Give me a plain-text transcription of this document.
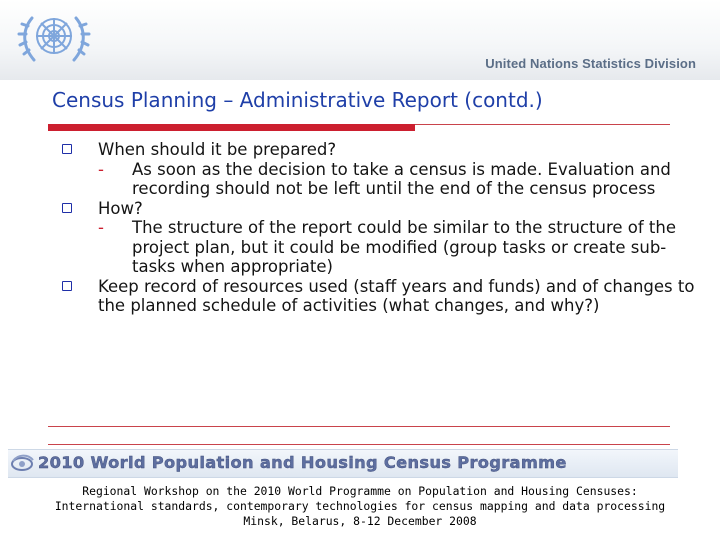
United Nations Statistics Division
Census Planning – Administrative Report (contd.)
When should it be prepared?
- As soon as the decision to take a census is made. Evaluation and recording should not be left until the end of the census process
How?
- The structure of the report could be similar to the structure of the project plan, but it could be modified (group tasks or create sub-tasks when appropriate)
Keep record of resources used (staff years and funds) and of changes to the planned schedule of activities (what changes, and why?)
2010 World Population and Housing Census Programme
Regional Workshop on the 2010 World Programme on Population and Housing Censuses:
International standards, contemporary technologies for census mapping and data processing
Minsk, Belarus, 8-12 December 2008
